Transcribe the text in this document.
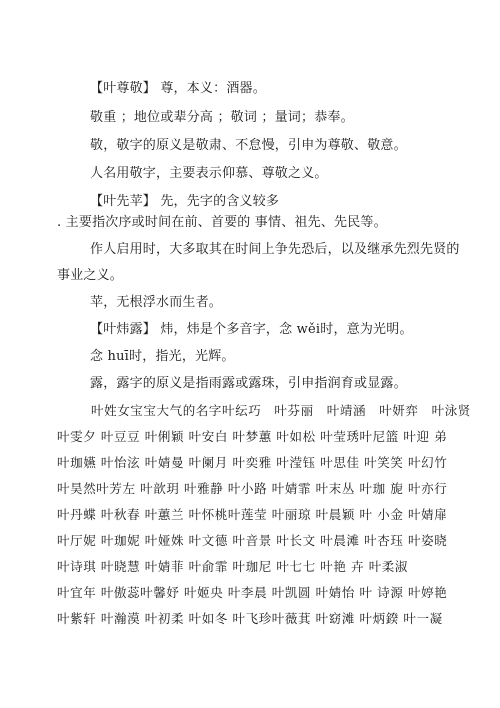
【叶尊敬】 尊，本义：酒器。
敬重 ；地位或辈分高 ；敬词 ；量词；恭奉。
敬，敬字的原义是敬肃、不怠慢，引申为尊敬、敬意。
人名用敬字，主要表示仰慕、尊敬之义。
【叶先苹】 先，先字的含义较多
. 主要指次序或时间在前、首要的 事情、祖先、先民等。
作人启用时，大多取其在时间上争先恐后，以及继承先烈先贤的
事业之义。
苹，无根浮水而生者。
【叶炜露】 炜，炜是个多音字，念 wěi时，意为光明。
念 huī时，指光，光辉。
露，露字的原义是指雨露或露珠，引申指润育或显露。
叶姓女宝宝大气的名字叶纭巧　叶芬丽　叶靖涵　叶妍弈　叶泳贤
叶雯夕 叶豆豆 叶俐颖 叶安白 叶梦蕙 叶如松 叶莹琇叶尼篮 叶迎 弟
叶珈嬿 叶怡泫 叶婧曼 叶阑月 叶奕雅 叶滢钰 叶思佳 叶笑笑 叶幻竹
叶昊然叶芳左 叶歆玥 叶雅静 叶小路 叶婧霏 叶末丛 叶珈 旎 叶亦行
叶丹蝶 叶秋春 叶蕙兰 叶怀桃叶莲莹 叶丽琼 叶晨颖 叶 小金 叶婧扉
叶厅妮 叶珈妮 叶娅姝 叶文德 叶音景 叶长文 叶晨滩 叶杏珏 叶姿晓
叶诗琪 叶晓慧 叶婧菲 叶俞霏 叶珈尼 叶七七 叶艳 卉 叶柔淑
叶宜年 叶傲蕊叶馨妤 叶姬央 叶李晨 叶凯圆 叶婧怡 叶 诗源 叶婷艳
叶紫轩 叶瀚漠 叶初柔 叶如冬 叶飞珍叶薇萁 叶窈滩 叶炳鍨 叶一凝
